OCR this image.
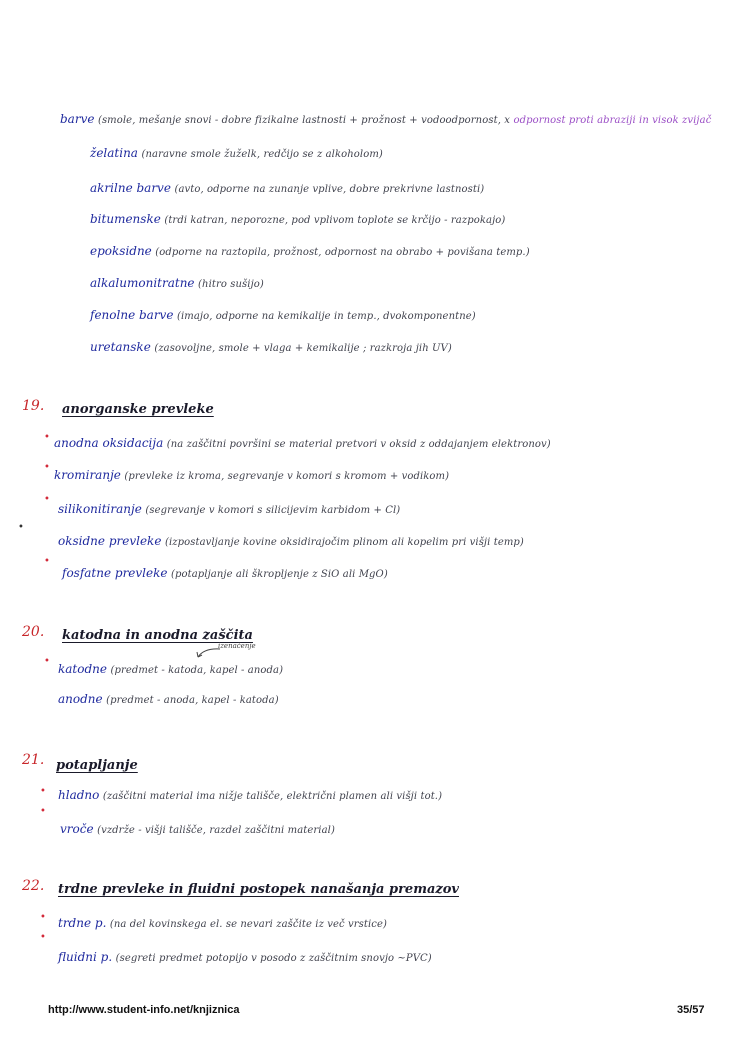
barve (smole, mešanje snovi - dobre fizikalne lastnosti + prožnost + vodoodpornost, x odpornost proti abraziji in visok zvijač
želatina (naravne smole žuželk, redčijo se z alkoholom)
akrilne barve (avto, odporne na zunanje vplive, dobre prekrivne lastnosti)
bitumenske (trdi katran, neporozne, pod vplivom toplote se krčijo - razpokajo)
epoksidne (odporne na raztopila, prožnost, odpornost na obrabo + povišana temp.)
alkalumonitratne (hitro sušijo)
fenolne barve (imajo, odporne na kemikalije in temp., dvokomponentne)
uretanske (zasovoljne, smole + vlaga + kemikalije ; razkroja jih UV)
19. anorganske prevleke
• anodna oksidacija (na zaščitni površini se material pretvori v oksid z oddajanjem elektronov)
•
kromiranje (prevleke iz kroma, segrevanje v komori s kromom + vodikom)
•
silikonitiranje (segrevanje v komori s silicijevim karbidom + Cl)
•
oksidne prevleke (izpostavljanje kovine oksidirajočim plinom ali kopelim pri višji temp)
•
fosfatne prevleke (potapljanje ali škropljenje z SiO ali MgO)
20. katodna in anodna zaščita
izenačenje
•
katodne (predmet - katoda, kapel - anoda)
anodne (predmet - anoda, kapel - katoda)
21. potapljanje
• hladno (zaščitni material ima nižje tališče, električni plamen ali višji tot.)
•
vroče (vzdrže - višji tališče, razdel zaščitni material)
22. trdne prevleke in fluidni postopek nanašanja premazov
• trdne p. (na del kovinskega el. se nevari zaščite iz več vrstice)
•
fluidni p. (segreti predmet potopijo v posodo z zaščitnim snovjo ~PVC)
http://www.student-info.net/knjiznica	35/57
